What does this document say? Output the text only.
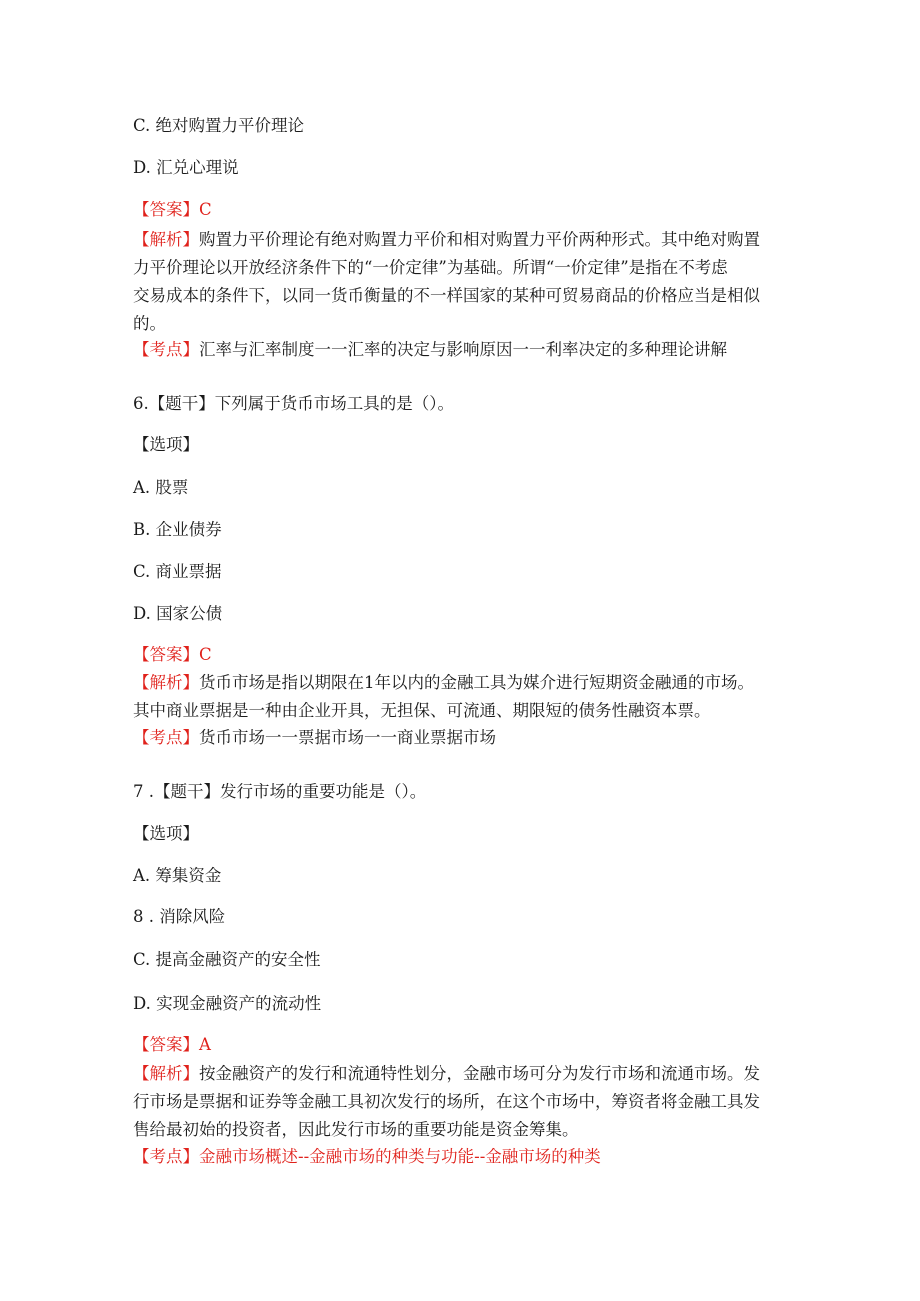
C. 绝对购置力平价理论
D. 汇兑心理说
【答案】C
【解析】购置力平价理论有绝对购置力平价和相对购置力平价两种形式。其中绝对购置
力平价理论以开放经济条件下的“一价定律”为基础。所谓“一价定律”是指在不考虑
交易成本的条件下，以同一货币衡量的不一样国家的某种可贸易商品的价格应当是相似
的。
【考点】汇率与汇率制度一一汇率的决定与影响原因一一利率决定的多种理论讲解
6.【题干】下列属于货币市场工具的是（）。
【选项】
A. 股票
B. 企业债券
C. 商业票据
D. 国家公债
【答案】C
【解析】货币市场是指以期限在1年以内的金融工具为媒介进行短期资金融通的市场。
其中商业票据是一种由企业开具，无担保、可流通、期限短的债务性融资本票。
【考点】货币市场一一票据市场一一商业票据市场
7 .【题干】发行市场的重要功能是（）。
【选项】
A. 筹集资金
8 . 消除风险
C. 提高金融资产的安全性
D. 实现金融资产的流动性
【答案】A
【解析】按金融资产的发行和流通特性划分，金融市场可分为发行市场和流通市场。发
行市场是票据和证券等金融工具初次发行的场所，在这个市场中，筹资者将金融工具发
售给最初始的投资者，因此发行市场的重要功能是资金筹集。
【考点】金融市场概述--金融市场的种类与功能--金融市场的种类
